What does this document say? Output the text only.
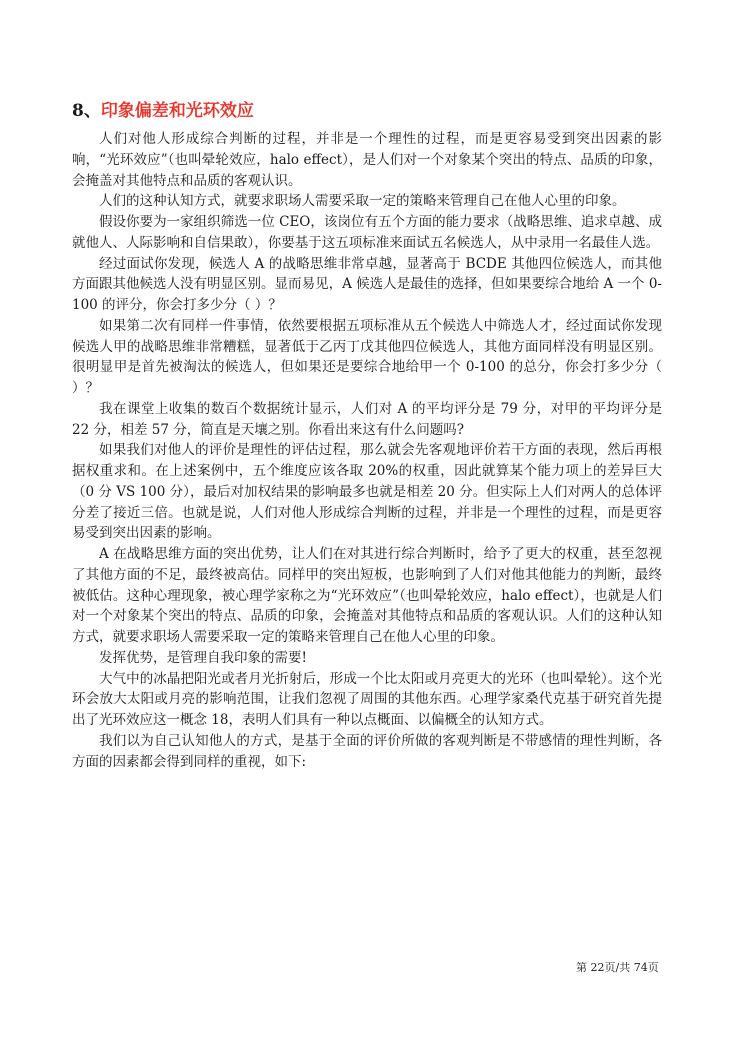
8、印象偏差和光环效应

人们对他人形成综合判断的过程，并非是一个理性的过程，而是更容易受到突出因素的影响，“光环效应”（也叫晕轮效应，halo effect），是人们对一个对象某个突出的特点、品质的印象，会掩盖对其他特点和品质的客观认识。

人们的这种认知方式，就要求职场人需要采取一定的策略来管理自己在他人心里的印象。

假设你要为一家组织筛选一位 CEO，该岗位有五个方面的能力要求（战略思维、追求卓越、成就他人、人际影响和自信果敢），你要基于这五项标准来面试五名候选人，从中录用一名最佳人选。

经过面试你发现，候选人 A 的战略思维非常卓越，显著高于 BCDE 其他四位候选人，而其他方面跟其他候选人没有明显区别。显而易见，A 候选人是最佳的选择，但如果要综合地给 A 一个 0-100 的评分，你会打多少分（ ）？

如果第二次有同样一件事情，依然要根据五项标准从五个候选人中筛选人才，经过面试你发现候选人甲的战略思维非常糟糕，显著低于乙丙丁戊其他四位候选人，其他方面同样没有明显区别。很明显甲是首先被淘汰的候选人，但如果还是要综合地给甲一个 0-100 的总分，你会打多少分（ ）？

我在课堂上收集的数百个数据统计显示，人们对 A 的平均评分是 79 分，对甲的平均评分是 22 分，相差 57 分，简直是天壤之别。你看出来这有什么问题吗?

如果我们对他人的评价是理性的评估过程，那么就会先客观地评价若干方面的表现，然后再根据权重求和。在上述案例中，五个维度应该各取 20%的权重，因此就算某个能力项上的差异巨大（0 分 VS 100 分），最后对加权结果的影响最多也就是相差 20 分。但实际上人们对两人的总体评分差了接近三倍。也就是说，人们对他人形成综合判断的过程，并非是一个理性的过程，而是更容易受到突出因素的影响。

A 在战略思维方面的突出优势，让人们在对其进行综合判断时，给予了更大的权重，甚至忽视了其他方面的不足，最终被高估。同样甲的突出短板，也影响到了人们对他其他能力的判断，最终被低估。这种心理现象，被心理学家称之为“光环效应”（也叫晕轮效应，halo effect），也就是人们对一个对象某个突出的特点、品质的印象，会掩盖对其他特点和品质的客观认识。人们的这种认知方式，就要求职场人需要采取一定的策略来管理自己在他人心里的印象。

发挥优势，是管理自我印象的需要!

大气中的冰晶把阳光或者月光折射后，形成一个比太阳或月亮更大的光环（也叫晕轮）。这个光环会放大太阳或月亮的影响范围，让我们忽视了周围的其他东西。心理学家桑代克基于研究首先提出了光环效应这一概念 18，表明人们具有一种以点概面、以偏概全的认知方式。

我们以为自己认知他人的方式，是基于全面的评价所做的客观判断是不带感情的理性判断，各方面的因素都会得到同样的重视，如下:

第 22页/共 74页
